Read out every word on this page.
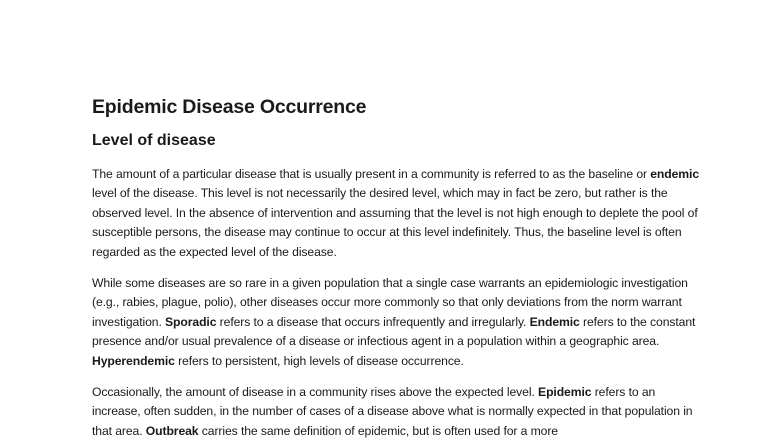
Epidemic Disease Occurrence
Level of disease

The amount of a particular disease that is usually present in a community is referred to as the baseline or endemic level of the disease. This level is not necessarily the desired level, which may in fact be zero, but rather is the observed level. In the absence of intervention and assuming that the level is not high enough to deplete the pool of susceptible persons, the disease may continue to occur at this level indefinitely. Thus, the baseline level is often regarded as the expected level of the disease.

While some diseases are so rare in a given population that a single case warrants an epidemiologic investigation (e.g., rabies, plague, polio), other diseases occur more commonly so that only deviations from the norm warrant investigation. Sporadic refers to a disease that occurs infrequently and irregularly. Endemic refers to the constant presence and/or usual prevalence of a disease or infectious agent in a population within a geographic area. Hyperendemic refers to persistent, high levels of disease occurrence.

Occasionally, the amount of disease in a community rises above the expected level. Epidemic refers to an increase, often sudden, in the number of cases of a disease above what is normally expected in that population in that area. Outbreak carries the same definition of epidemic, but is often used for a more
